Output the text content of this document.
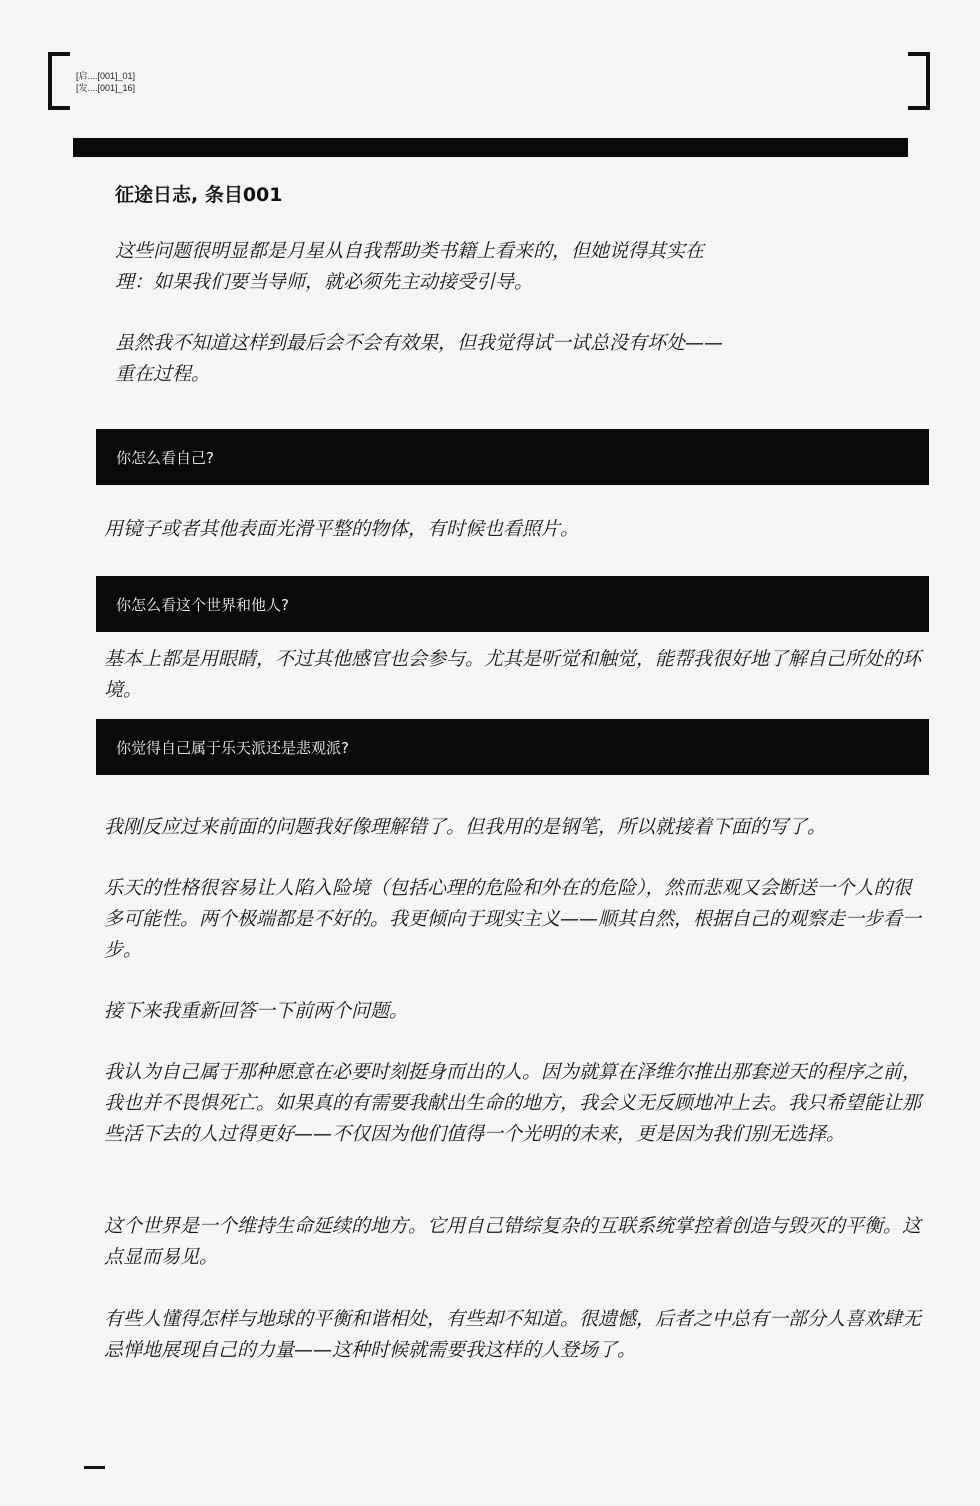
[启....[001]_01]
[发....[001]_16]
征途日志, 条目001

这些问题很明显都是月星从自我帮助类书籍上看来的，但她说得其实在理：如果我们要当导师，就必须先主动接受引导。

虽然我不知道这样到最后会不会有效果，但我觉得试一试总没有坏处——重在过程。

你怎么看自己?

用镜子或者其他表面光滑平整的物体，有时候也看照片。

你怎么看这个世界和他人?

基本上都是用眼睛，不过其他感官也会参与。尤其是听觉和触觉，能帮我很好地了解自己所处的环境。

你觉得自己属于乐天派还是悲观派?

我刚反应过来前面的问题我好像理解错了。但我用的是钢笔，所以就接着下面的写了。

乐天的性格很容易让人陷入险境（包括心理的危险和外在的危险），然而悲观又会断送一个人的很多可能性。两个极端都是不好的。我更倾向于现实主义——顺其自然，根据自己的观察走一步看一步。

接下来我重新回答一下前两个问题。

我认为自己属于那种愿意在必要时刻挺身而出的人。因为就算在泽维尔推出那套逆天的程序之前，我也并不畏惧死亡。如果真的有需要我献出生命的地方，我会义无反顾地冲上去。我只希望能让那些活下去的人过得更好——不仅因为他们值得一个光明的未来，更是因为我们别无选择。

这个世界是一个维持生命延续的地方。它用自己错综复杂的互联系统掌控着创造与毁灭的平衡。这点显而易见。

有些人懂得怎样与地球的平衡和谐相处，有些却不知道。很遗憾，后者之中总有一部分人喜欢肆无忌惮地展现自己的力量——这种时候就需要我这样的人登场了。
